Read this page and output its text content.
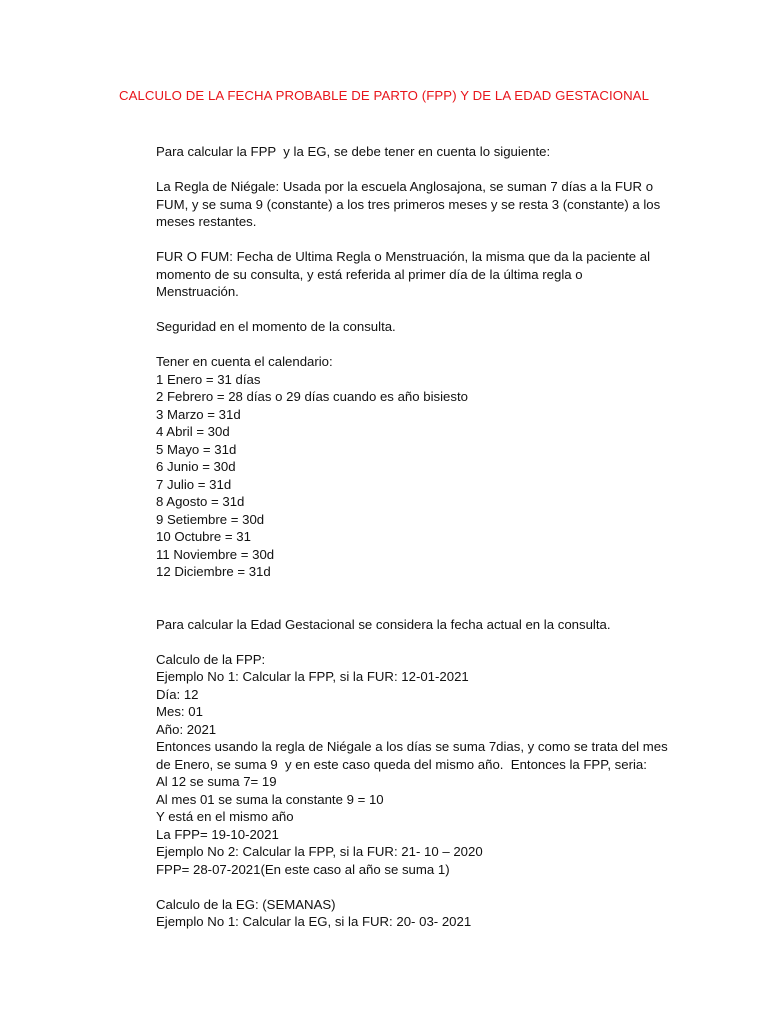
CALCULO DE LA FECHA PROBABLE DE PARTO (FPP) Y DE LA EDAD GESTACIONAL
Para calcular la FPP  y la EG, se debe tener en cuenta lo siguiente:
La Regla de Niégale: Usada por la escuela Anglosajona, se suman 7 días a la FUR o
FUM, y se suma 9 (constante) a los tres primeros meses y se resta 3 (constante) a los
meses restantes.
FUR O FUM: Fecha de Ultima Regla o Menstruación, la misma que da la paciente al
momento de su consulta, y está referida al primer día de la última regla o
Menstruación.
Seguridad en el momento de la consulta.
Tener en cuenta el calendario:
1 Enero = 31 días
2 Febrero = 28 días o 29 días cuando es año bisiesto
3 Marzo = 31d
4 Abril = 30d
5 Mayo = 31d
6 Junio = 30d
7 Julio = 31d
8 Agosto = 31d
9 Setiembre = 30d
10 Octubre = 31
11 Noviembre = 30d
12 Diciembre = 31d
Para calcular la Edad Gestacional se considera la fecha actual en la consulta.
Calculo de la FPP:
Ejemplo No 1: Calcular la FPP, si la FUR: 12-01-2021
Día: 12
Mes: 01
Año: 2021
Entonces usando la regla de Niégale a los días se suma 7dias, y como se trata del mes
de Enero, se suma 9  y en este caso queda del mismo año.  Entonces la FPP, seria:
Al 12 se suma 7= 19
Al mes 01 se suma la constante 9 = 10
Y está en el mismo año
La FPP= 19-10-2021
Ejemplo No 2: Calcular la FPP, si la FUR: 21- 10 – 2020
FPP= 28-07-2021(En este caso al año se suma 1)
Calculo de la EG: (SEMANAS)
Ejemplo No 1: Calcular la EG, si la FUR: 20- 03- 2021
